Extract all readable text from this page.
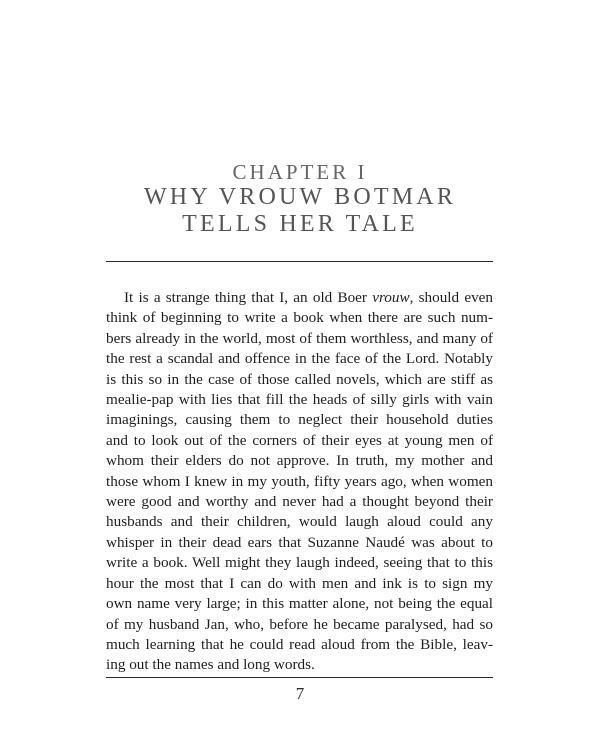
CHAPTER I
WHY VROUW BOTMAR
TELLS HER TALE
It is a strange thing that I, an old Boer vrouw, should even
think of beginning to write a book when there are such num-
bers already in the world, most of them worthless, and many of
the rest a scandal and offence in the face of the Lord. Notably
is this so in the case of those called novels, which are stiff as
mealie-pap with lies that fill the heads of silly girls with vain
imaginings, causing them to neglect their household duties
and to look out of the corners of their eyes at young men of
whom their elders do not approve. In truth, my mother and
those whom I knew in my youth, fifty years ago, when women
were good and worthy and never had a thought beyond their
husbands and their children, would laugh aloud could any
whisper in their dead ears that Suzanne Naudé was about to
write a book. Well might they laugh indeed, seeing that to this
hour the most that I can do with men and ink is to sign my
own name very large; in this matter alone, not being the equal
of my husband Jan, who, before he became paralysed, had so
much learning that he could read aloud from the Bible, leav-
ing out the names and long words.
7
